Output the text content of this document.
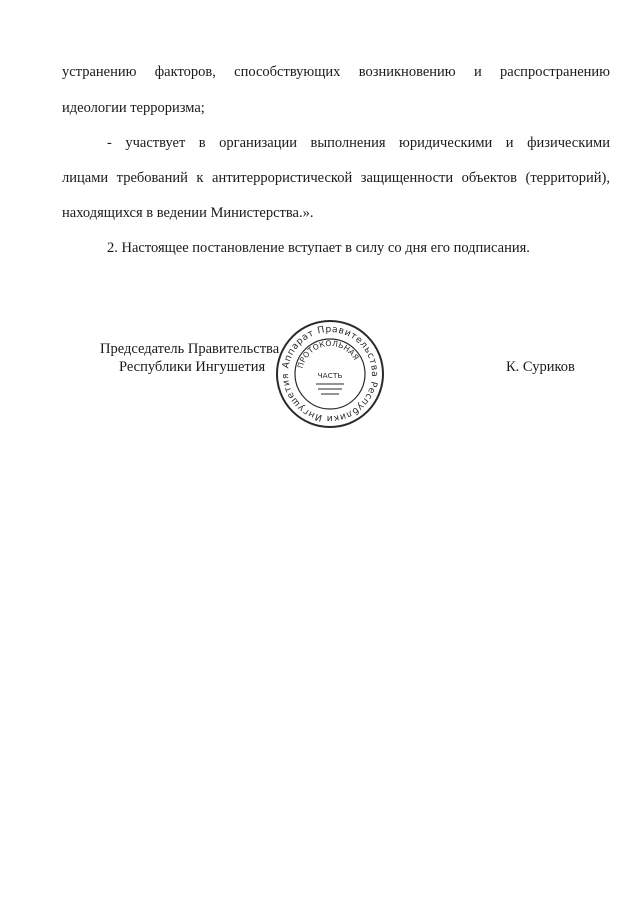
устранению факторов, способствующих возникновению и распространению
идеологии терроризма;
- участвует в организации выполнения юридическими и физическими
лицами требований к антитеррористической защищенности объектов (территорий),
находящихся в ведении Министерства.».
2. Настоящее постановление вступает в силу со дня его подписания.
Председатель Правительства
Республики Ингушетия	К. Суриков
Аппарат Правительства Республики Ингушетия
ПРОТОКОЛЬНАЯ
ЧАСТЬ
